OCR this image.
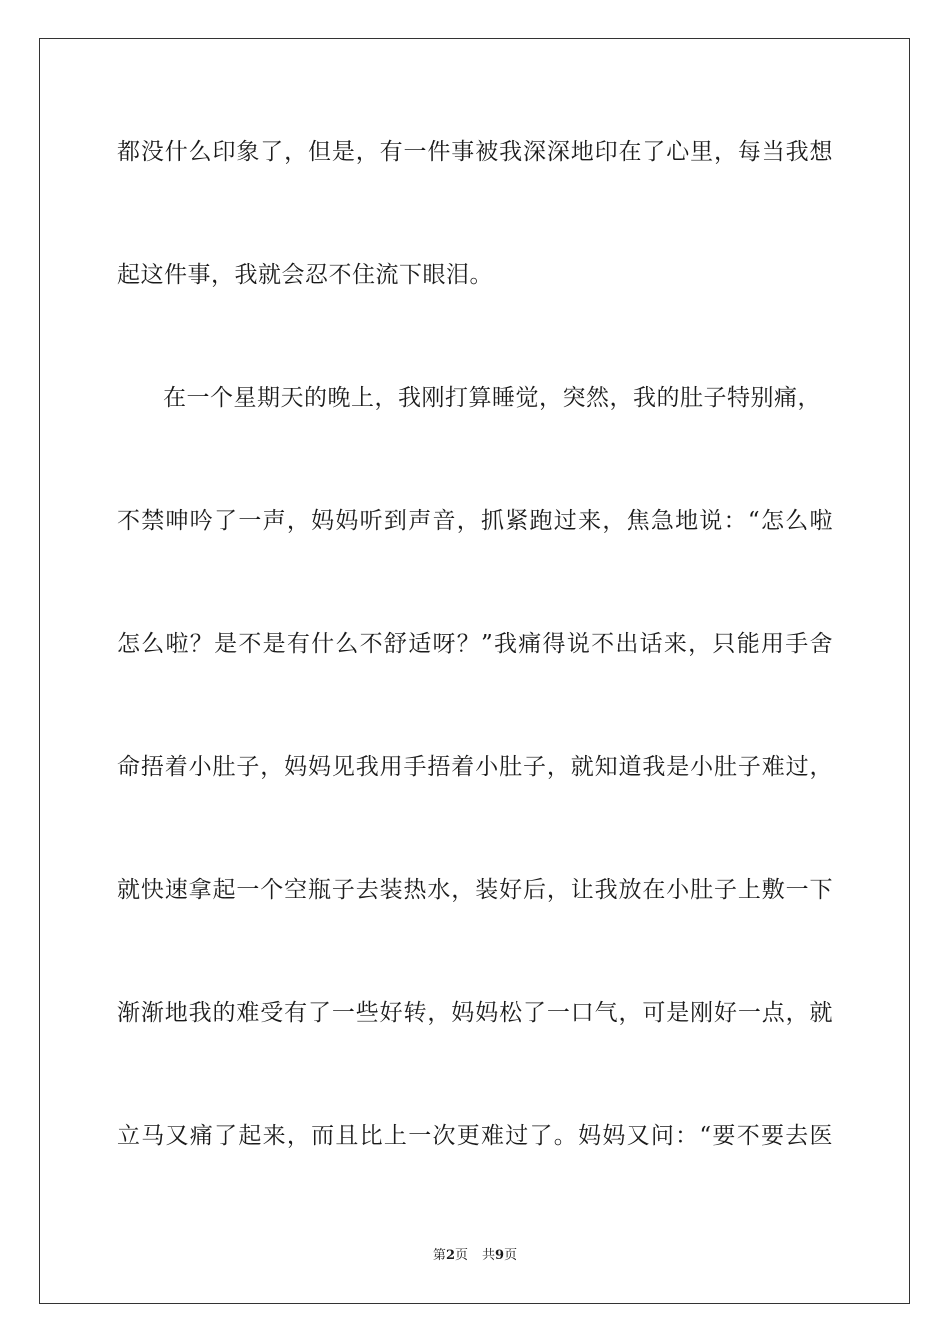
都没什么印象了，但是，有一件事被我深深地印在了心里，每当我想
起这件事，我就会忍不住流下眼泪。
在一个星期天的晚上，我刚打算睡觉，突然，我的肚子特别痛，
不禁呻吟了一声，妈妈听到声音，抓紧跑过来，焦急地说：“怎么啦
怎么啦？是不是有什么不舒适呀？”我痛得说不出话来，只能用手舍
命捂着小肚子，妈妈见我用手捂着小肚子，就知道我是小肚子难过，
就快速拿起一个空瓶子去装热水，装好后，让我放在小肚子上敷一下
渐渐地我的难受有了一些好转，妈妈松了一口气，可是刚好一点，就
立马又痛了起来，而且比上一次更难过了。妈妈又问：“要不要去医
第2页 共9页
